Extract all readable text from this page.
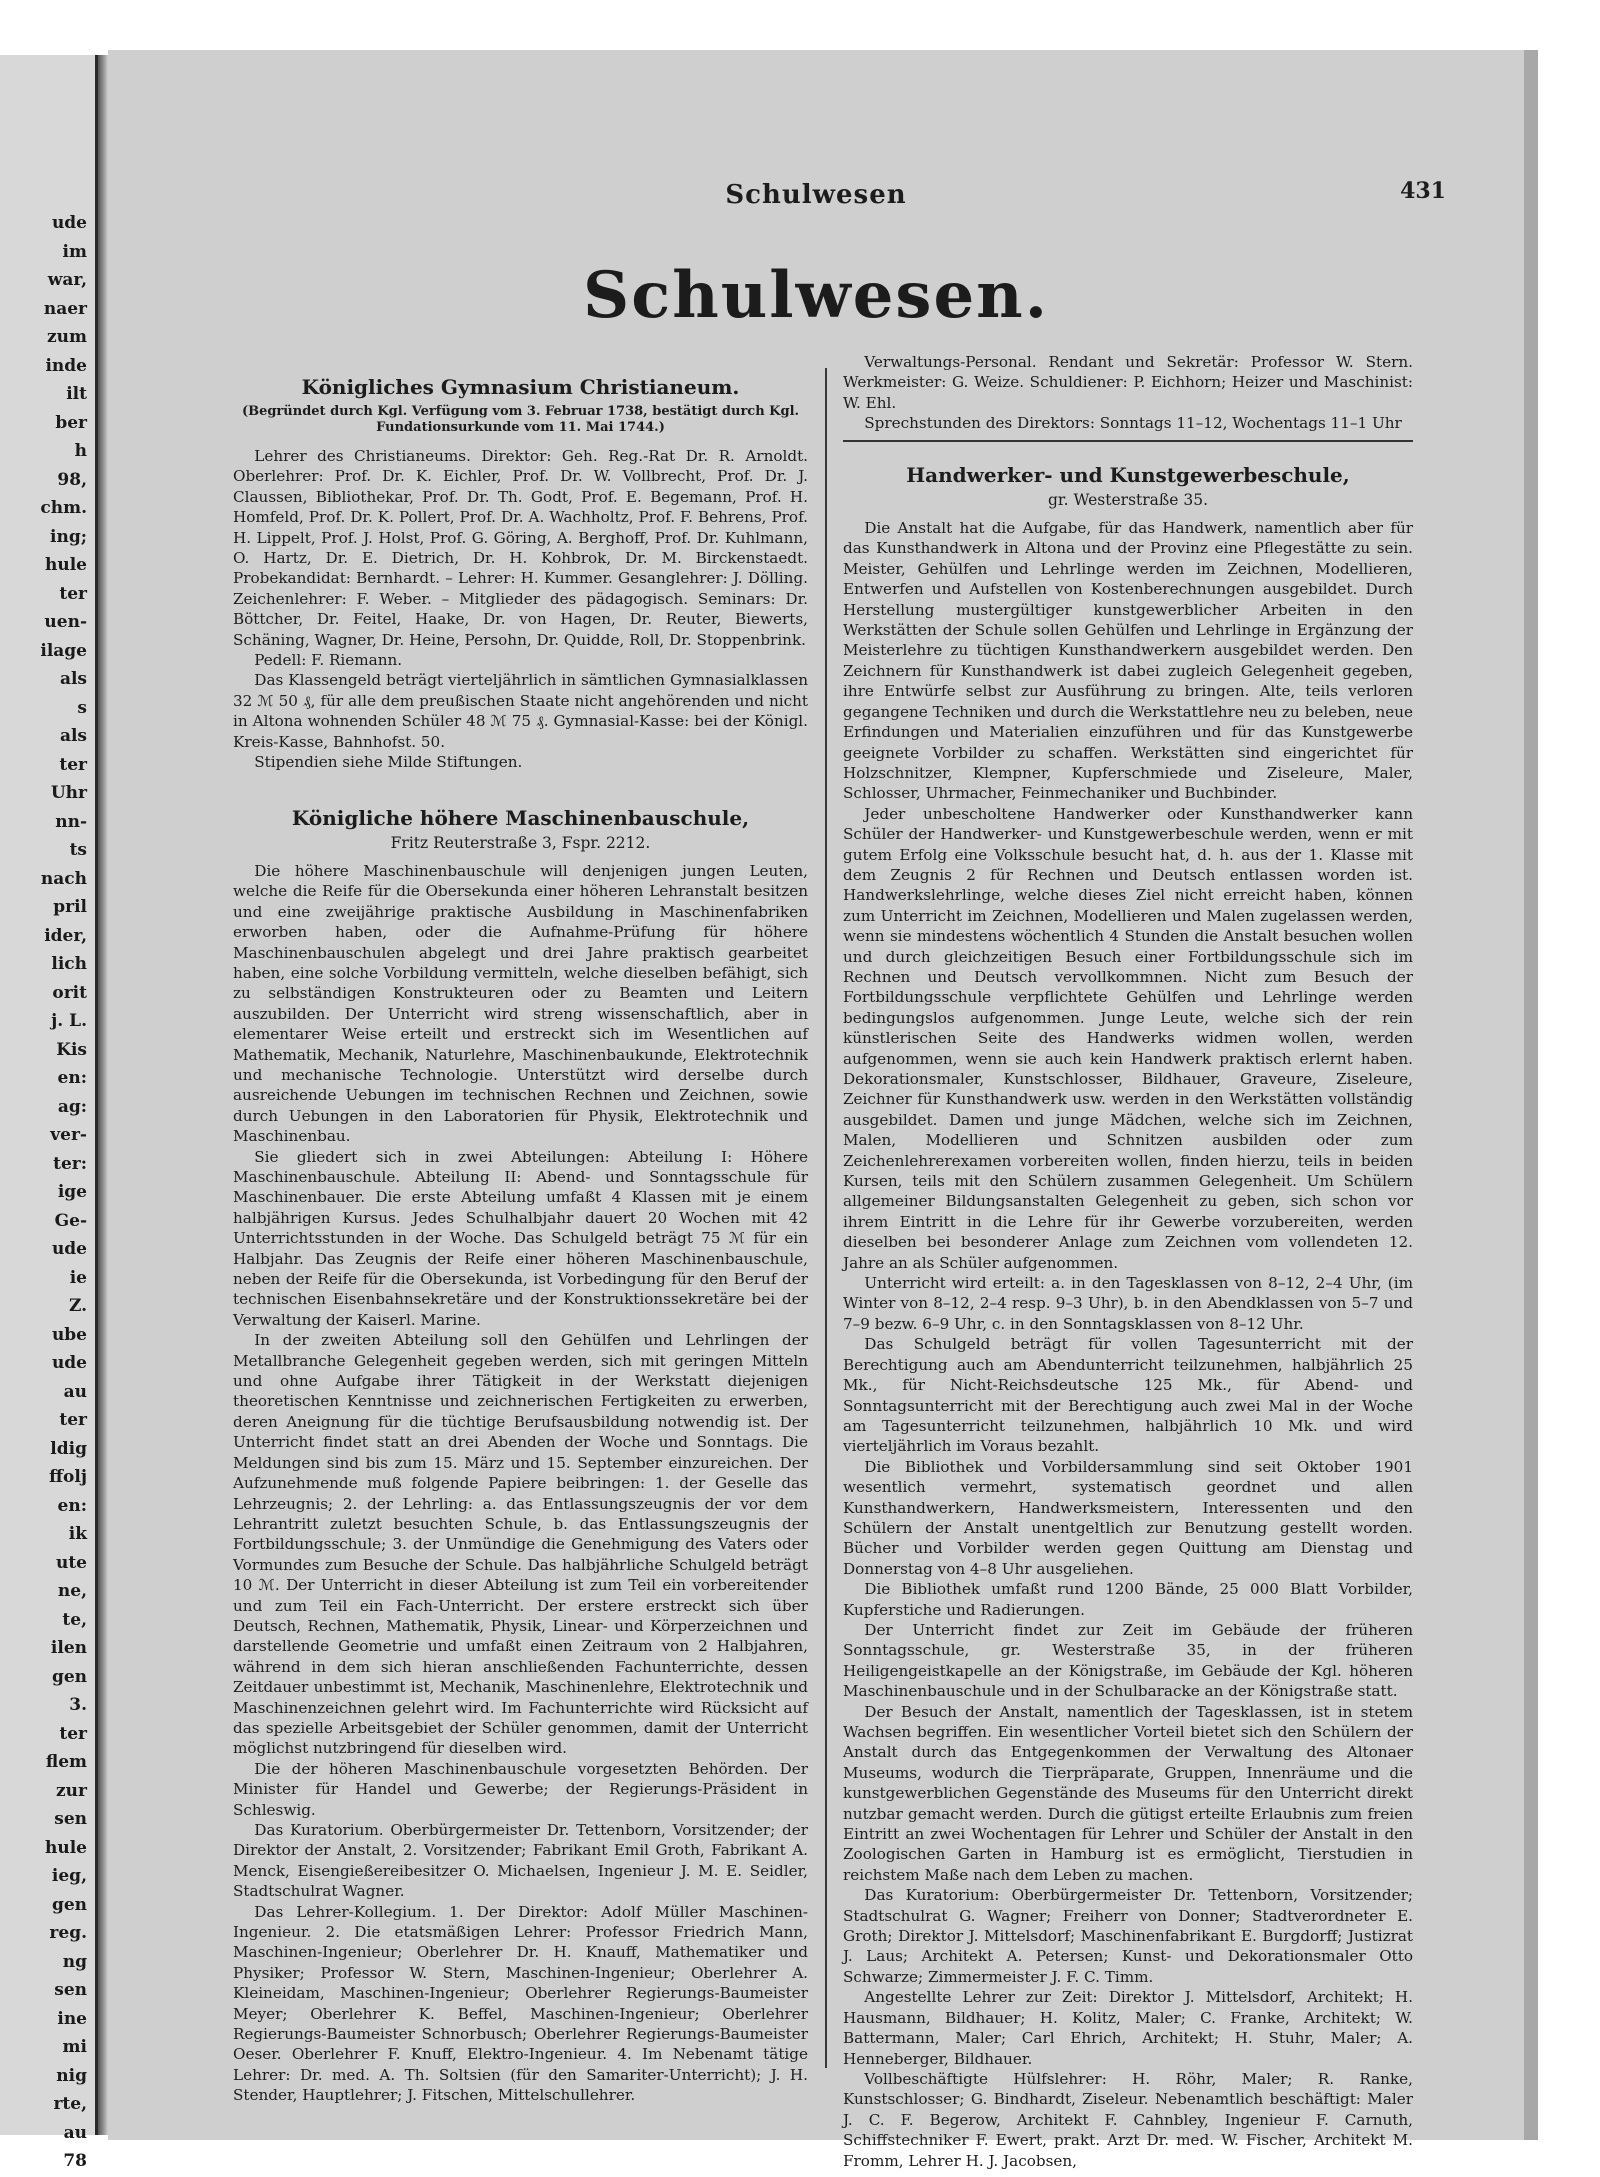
ude
im
war,
naer
zum
inde
ilt
ber
h
98,
chm.
ing;
hule
ter
uen-
ilage
als
s
als
ter
Uhr
nn-
ts
nach
pril
ider,
lich
orit
j. L.
Kis
en:
ag:
ver-
ter:
ige
Ge-
ude
ie
Z.
ube
ude
au
ter
ldig
ffolj
en:
ik
ute
ne,
te,
ilen
gen
3.
ter
flem
zur
sen
hule
ieg,
gen
reg.
ng
sen
ine
mi
nig
rte,
au
78
Schulwesen	431
Schulwesen.
Königliches Gymnasium Christianeum.
(Begründet durch Kgl. Verfügung vom 3. Februar 1738, bestätigt durch Kgl. Fundationsurkunde vom 11. Mai 1744.)

Lehrer des Christianeums. Direktor: Geh. Reg.-Rat Dr. R. Arnoldt. Oberlehrer: Prof. Dr. K. Eichler, Prof. Dr. W. Vollbrecht, Prof. Dr. J. Claussen, Bibliothekar, Prof. Dr. Th. Godt, Prof. E. Begemann, Prof. H. Homfeld, Prof. Dr. K. Pollert, Prof. Dr. A. Wachholtz, Prof. F. Behrens, Prof. H. Lippelt, Prof. J. Holst, Prof. G. Göring, A. Berghoff, Prof. Dr. Kuhlmann, O. Hartz, Dr. E. Dietrich, Dr. H. Kohbrok, Dr. M. Birckenstaedt. Probekandidat: Bernhardt. – Lehrer: H. Kummer. Gesanglehrer: J. Dölling. Zeichenlehrer: F. Weber. – Mitglieder des pädagogisch. Seminars: Dr. Böttcher, Dr. Feitel, Haake, Dr. von Hagen, Dr. Reuter, Biewerts, Schäning, Wagner, Dr. Heine, Persohn, Dr. Quidde, Roll, Dr. Stoppenbrink.

Pedell: F. Riemann.

Das Klassengeld beträgt vierteljährlich in sämtlichen Gymnasialklassen 32 ℳ 50 ₰, für alle dem preußischen Staate nicht angehörenden und nicht in Altona wohnenden Schüler 48 ℳ 75 ₰. Gymnasial-Kasse: bei der Königl. Kreis-Kasse, Bahnhofst. 50.

Stipendien siehe Milde Stiftungen.

Königliche höhere Maschinenbauschule,
Fritz Reuterstraße 3, Fspr. 2212.

Die höhere Maschinenbauschule will denjenigen jungen Leuten, welche die Reife für die Obersekunda einer höheren Lehranstalt besitzen und eine zweijährige praktische Ausbildung in Maschinenfabriken erworben haben, oder die Aufnahme-Prüfung für höhere Maschinenbauschulen abgelegt und drei Jahre praktisch gearbeitet haben, eine solche Vorbildung vermitteln, welche dieselben befähigt, sich zu selbständigen Konstrukteuren oder zu Beamten und Leitern auszubilden. Der Unterricht wird streng wissenschaftlich, aber in elementarer Weise erteilt und erstreckt sich im Wesentlichen auf Mathematik, Mechanik, Naturlehre, Maschinenbaukunde, Elektrotechnik und mechanische Technologie. Unterstützt wird derselbe durch ausreichende Uebungen im technischen Rechnen und Zeichnen, sowie durch Uebungen in den Laboratorien für Physik, Elektrotechnik und Maschinenbau.

Sie gliedert sich in zwei Abteilungen: Abteilung I: Höhere Maschinenbauschule. Abteilung II: Abend- und Sonntagsschule für Maschinenbauer. Die erste Abteilung umfaßt 4 Klassen mit je einem halbjährigen Kursus. Jedes Schulhalbjahr dauert 20 Wochen mit 42 Unterrichtsstunden in der Woche. Das Schulgeld beträgt 75 ℳ für ein Halbjahr. Das Zeugnis der Reife einer höheren Maschinenbauschule, neben der Reife für die Obersekunda, ist Vorbedingung für den Beruf der technischen Eisenbahnsekretäre und der Konstruktionssekretäre bei der Verwaltung der Kaiserl. Marine.

In der zweiten Abteilung soll den Gehülfen und Lehrlingen der Metallbranche Gelegenheit gegeben werden, sich mit geringen Mitteln und ohne Aufgabe ihrer Tätigkeit in der Werkstatt diejenigen theoretischen Kenntnisse und zeichnerischen Fertigkeiten zu erwerben, deren Aneignung für die tüchtige Berufsausbildung notwendig ist. Der Unterricht findet statt an drei Abenden der Woche und Sonntags. Die Meldungen sind bis zum 15. März und 15. September einzureichen. Der Aufzunehmende muß folgende Papiere beibringen: 1. der Geselle das Lehrzeugnis; 2. der Lehrling: a. das Entlassungszeugnis der vor dem Lehrantritt zuletzt besuchten Schule, b. das Entlassungszeugnis der Fortbildungsschule; 3. der Unmündige die Genehmigung des Vaters oder Vormundes zum Besuche der Schule. Das halbjährliche Schulgeld beträgt 10 ℳ. Der Unterricht in dieser Abteilung ist zum Teil ein vorbereitender und zum Teil ein Fach-Unterricht. Der erstere erstreckt sich über Deutsch, Rechnen, Mathematik, Physik, Linear- und Körperzeichnen und darstellende Geometrie und umfaßt einen Zeitraum von 2 Halbjahren, während in dem sich hieran anschließenden Fachunterrichte, dessen Zeitdauer unbestimmt ist, Mechanik, Maschinenlehre, Elektrotechnik und Maschinenzeichnen gelehrt wird. Im Fachunterrichte wird Rücksicht auf das spezielle Arbeitsgebiet der Schüler genommen, damit der Unterricht möglichst nutzbringend für dieselben wird.

Die der höheren Maschinenbauschule vorgesetzten Behörden. Der Minister für Handel und Gewerbe; der Regierungs-Präsident in Schleswig.

Das Kuratorium. Oberbürgermeister Dr. Tettenborn, Vorsitzender; der Direktor der Anstalt, 2. Vorsitzender; Fabrikant Emil Groth, Fabrikant A. Menck, Eisengießereibesitzer O. Michaelsen, Ingenieur J. M. E. Seidler, Stadtschulrat Wagner.

Das Lehrer-Kollegium. 1. Der Direktor: Adolf Müller Maschinen-Ingenieur. 2. Die etatsmäßigen Lehrer: Professor Friedrich Mann, Maschinen-Ingenieur; Oberlehrer Dr. H. Knauff, Mathematiker und Physiker; Professor W. Stern, Maschinen-Ingenieur; Oberlehrer A. Kleineidam, Maschinen-Ingenieur; Oberlehrer Regierungs-Baumeister Meyer; Oberlehrer K. Beffel, Maschinen-Ingenieur; Oberlehrer Regierungs-Baumeister Schnorbusch; Oberlehrer Regierungs-Baumeister Oeser. Oberlehrer F. Knuff, Elektro-Ingenieur. 4. Im Nebenamt tätige Lehrer: Dr. med. A. Th. Soltsien (für den Samariter-Unterricht); J. H. Stender, Hauptlehrer; J. Fitschen, Mittelschullehrer.

Verwaltungs-Personal. Rendant und Sekretär: Professor W. Stern. Werkmeister: G. Weize. Schuldiener: P. Eichhorn; Heizer und Maschinist: W. Ehl.

Sprechstunden des Direktors: Sonntags 11–12, Wochentags 11–1 Uhr

Handwerker- und Kunstgewerbeschule,
gr. Westerstraße 35.

Die Anstalt hat die Aufgabe, für das Handwerk, namentlich aber für das Kunsthandwerk in Altona und der Provinz eine Pflegestätte zu sein. Meister, Gehülfen und Lehrlinge werden im Zeichnen, Modellieren, Entwerfen und Aufstellen von Kostenberechnungen ausgebildet. Durch Herstellung mustergültiger kunstgewerblicher Arbeiten in den Werkstätten der Schule sollen Gehülfen und Lehrlinge in Ergänzung der Meisterlehre zu tüchtigen Kunsthandwerkern ausgebildet werden. Den Zeichnern für Kunsthandwerk ist dabei zugleich Gelegenheit gegeben, ihre Entwürfe selbst zur Ausführung zu bringen. Alte, teils verloren gegangene Techniken und durch die Werkstattlehre neu zu beleben, neue Erfindungen und Materialien einzuführen und für das Kunstgewerbe geeignete Vorbilder zu schaffen. Werkstätten sind eingerichtet für Holzschnitzer, Klempner, Kupferschmiede und Ziseleure, Maler, Schlosser, Uhrmacher, Feinmechaniker und Buchbinder.

Jeder unbescholtene Handwerker oder Kunsthandwerker kann Schüler der Handwerker- und Kunstgewerbeschule werden, wenn er mit gutem Erfolg eine Volksschule besucht hat, d. h. aus der 1. Klasse mit dem Zeugnis 2 für Rechnen und Deutsch entlassen worden ist. Handwerkslehrlinge, welche dieses Ziel nicht erreicht haben, können zum Unterricht im Zeichnen, Modellieren und Malen zugelassen werden, wenn sie mindestens wöchentlich 4 Stunden die Anstalt besuchen wollen und durch gleichzeitigen Besuch einer Fortbildungsschule sich im Rechnen und Deutsch vervollkommnen. Nicht zum Besuch der Fortbildungsschule verpflichtete Gehülfen und Lehrlinge werden bedingungslos aufgenommen. Junge Leute, welche sich der rein künstlerischen Seite des Handwerks widmen wollen, werden aufgenommen, wenn sie auch kein Handwerk praktisch erlernt haben. Dekorationsmaler, Kunstschlosser, Bildhauer, Graveure, Ziseleure, Zeichner für Kunsthandwerk usw. werden in den Werkstätten vollständig ausgebildet. Damen und junge Mädchen, welche sich im Zeichnen, Malen, Modellieren und Schnitzen ausbilden oder zum Zeichenlehrerexamen vorbereiten wollen, finden hierzu, teils in beiden Kursen, teils mit den Schülern zusammen Gelegenheit. Um Schülern allgemeiner Bildungsanstalten Gelegenheit zu geben, sich schon vor ihrem Eintritt in die Lehre für ihr Gewerbe vorzubereiten, werden dieselben bei besonderer Anlage zum Zeichnen vom vollendeten 12. Jahre an als Schüler aufgenommen.

Unterricht wird erteilt: a. in den Tagesklassen von 8–12, 2–4 Uhr, (im Winter von 8–12, 2–4 resp. 9–3 Uhr), b. in den Abendklassen von 5–7 und 7–9 bezw. 6–9 Uhr, c. in den Sonntagsklassen von 8–12 Uhr.

Das Schulgeld beträgt für vollen Tagesunterricht mit der Berechtigung auch am Abendunterricht teilzunehmen, halbjährlich 25 Mk., für Nicht-Reichsdeutsche 125 Mk., für Abend- und Sonntagsunterricht mit der Berechtigung auch zwei Mal in der Woche am Tagesunterricht teilzunehmen, halbjährlich 10 Mk. und wird vierteljährlich im Voraus bezahlt.

Die Bibliothek und Vorbildersammlung sind seit Oktober 1901 wesentlich vermehrt, systematisch geordnet und allen Kunsthandwerkern, Handwerksmeistern, Interessenten und den Schülern der Anstalt unentgeltlich zur Benutzung gestellt worden. Bücher und Vorbilder werden gegen Quittung am Dienstag und Donnerstag von 4–8 Uhr ausgeliehen.

Die Bibliothek umfaßt rund 1200 Bände, 25 000 Blatt Vorbilder, Kupferstiche und Radierungen.

Der Unterricht findet zur Zeit im Gebäude der früheren Sonntagsschule, gr. Westerstraße 35, in der früheren Heiligengeistkapelle an der Königstraße, im Gebäude der Kgl. höheren Maschinenbauschule und in der Schulbaracke an der Königstraße statt.

Der Besuch der Anstalt, namentlich der Tagesklassen, ist in stetem Wachsen begriffen. Ein wesentlicher Vorteil bietet sich den Schülern der Anstalt durch das Entgegenkommen der Verwaltung des Altonaer Museums, wodurch die Tierpräparate, Gruppen, Innenräume und die kunstgewerblichen Gegenstände des Museums für den Unterricht direkt nutzbar gemacht werden. Durch die gütigst erteilte Erlaubnis zum freien Eintritt an zwei Wochentagen für Lehrer und Schüler der Anstalt in den Zoologischen Garten in Hamburg ist es ermöglicht, Tierstudien in reichstem Maße nach dem Leben zu machen.

Das Kuratorium: Oberbürgermeister Dr. Tettenborn, Vorsitzender; Stadtschulrat G. Wagner; Freiherr von Donner; Stadtverordneter E. Groth; Direktor J. Mittelsdorf; Maschinenfabrikant E. Burgdorff; Justizrat J. Laus; Architekt A. Petersen; Kunst- und Dekorationsmaler Otto Schwarze; Zimmermeister J. F. C. Timm.

Angestellte Lehrer zur Zeit: Direktor J. Mittelsdorf, Architekt; H. Hausmann, Bildhauer; H. Kolitz, Maler; C. Franke, Architekt; W. Battermann, Maler; Carl Ehrich, Architekt; H. Stuhr, Maler; A. Henneberger, Bildhauer.

Vollbeschäftigte Hülfslehrer: H. Röhr, Maler; R. Ranke, Kunstschlosser; G. Bindhardt, Ziseleur. Nebenamtlich beschäftigt: Maler J. C. F. Begerow, Architekt F. Cahnbley, Ingenieur F. Carnuth, Schiffstechniker F. Ewert, prakt. Arzt Dr. med. W. Fischer, Architekt M. Fromm, Lehrer H. J. Jacobsen,
